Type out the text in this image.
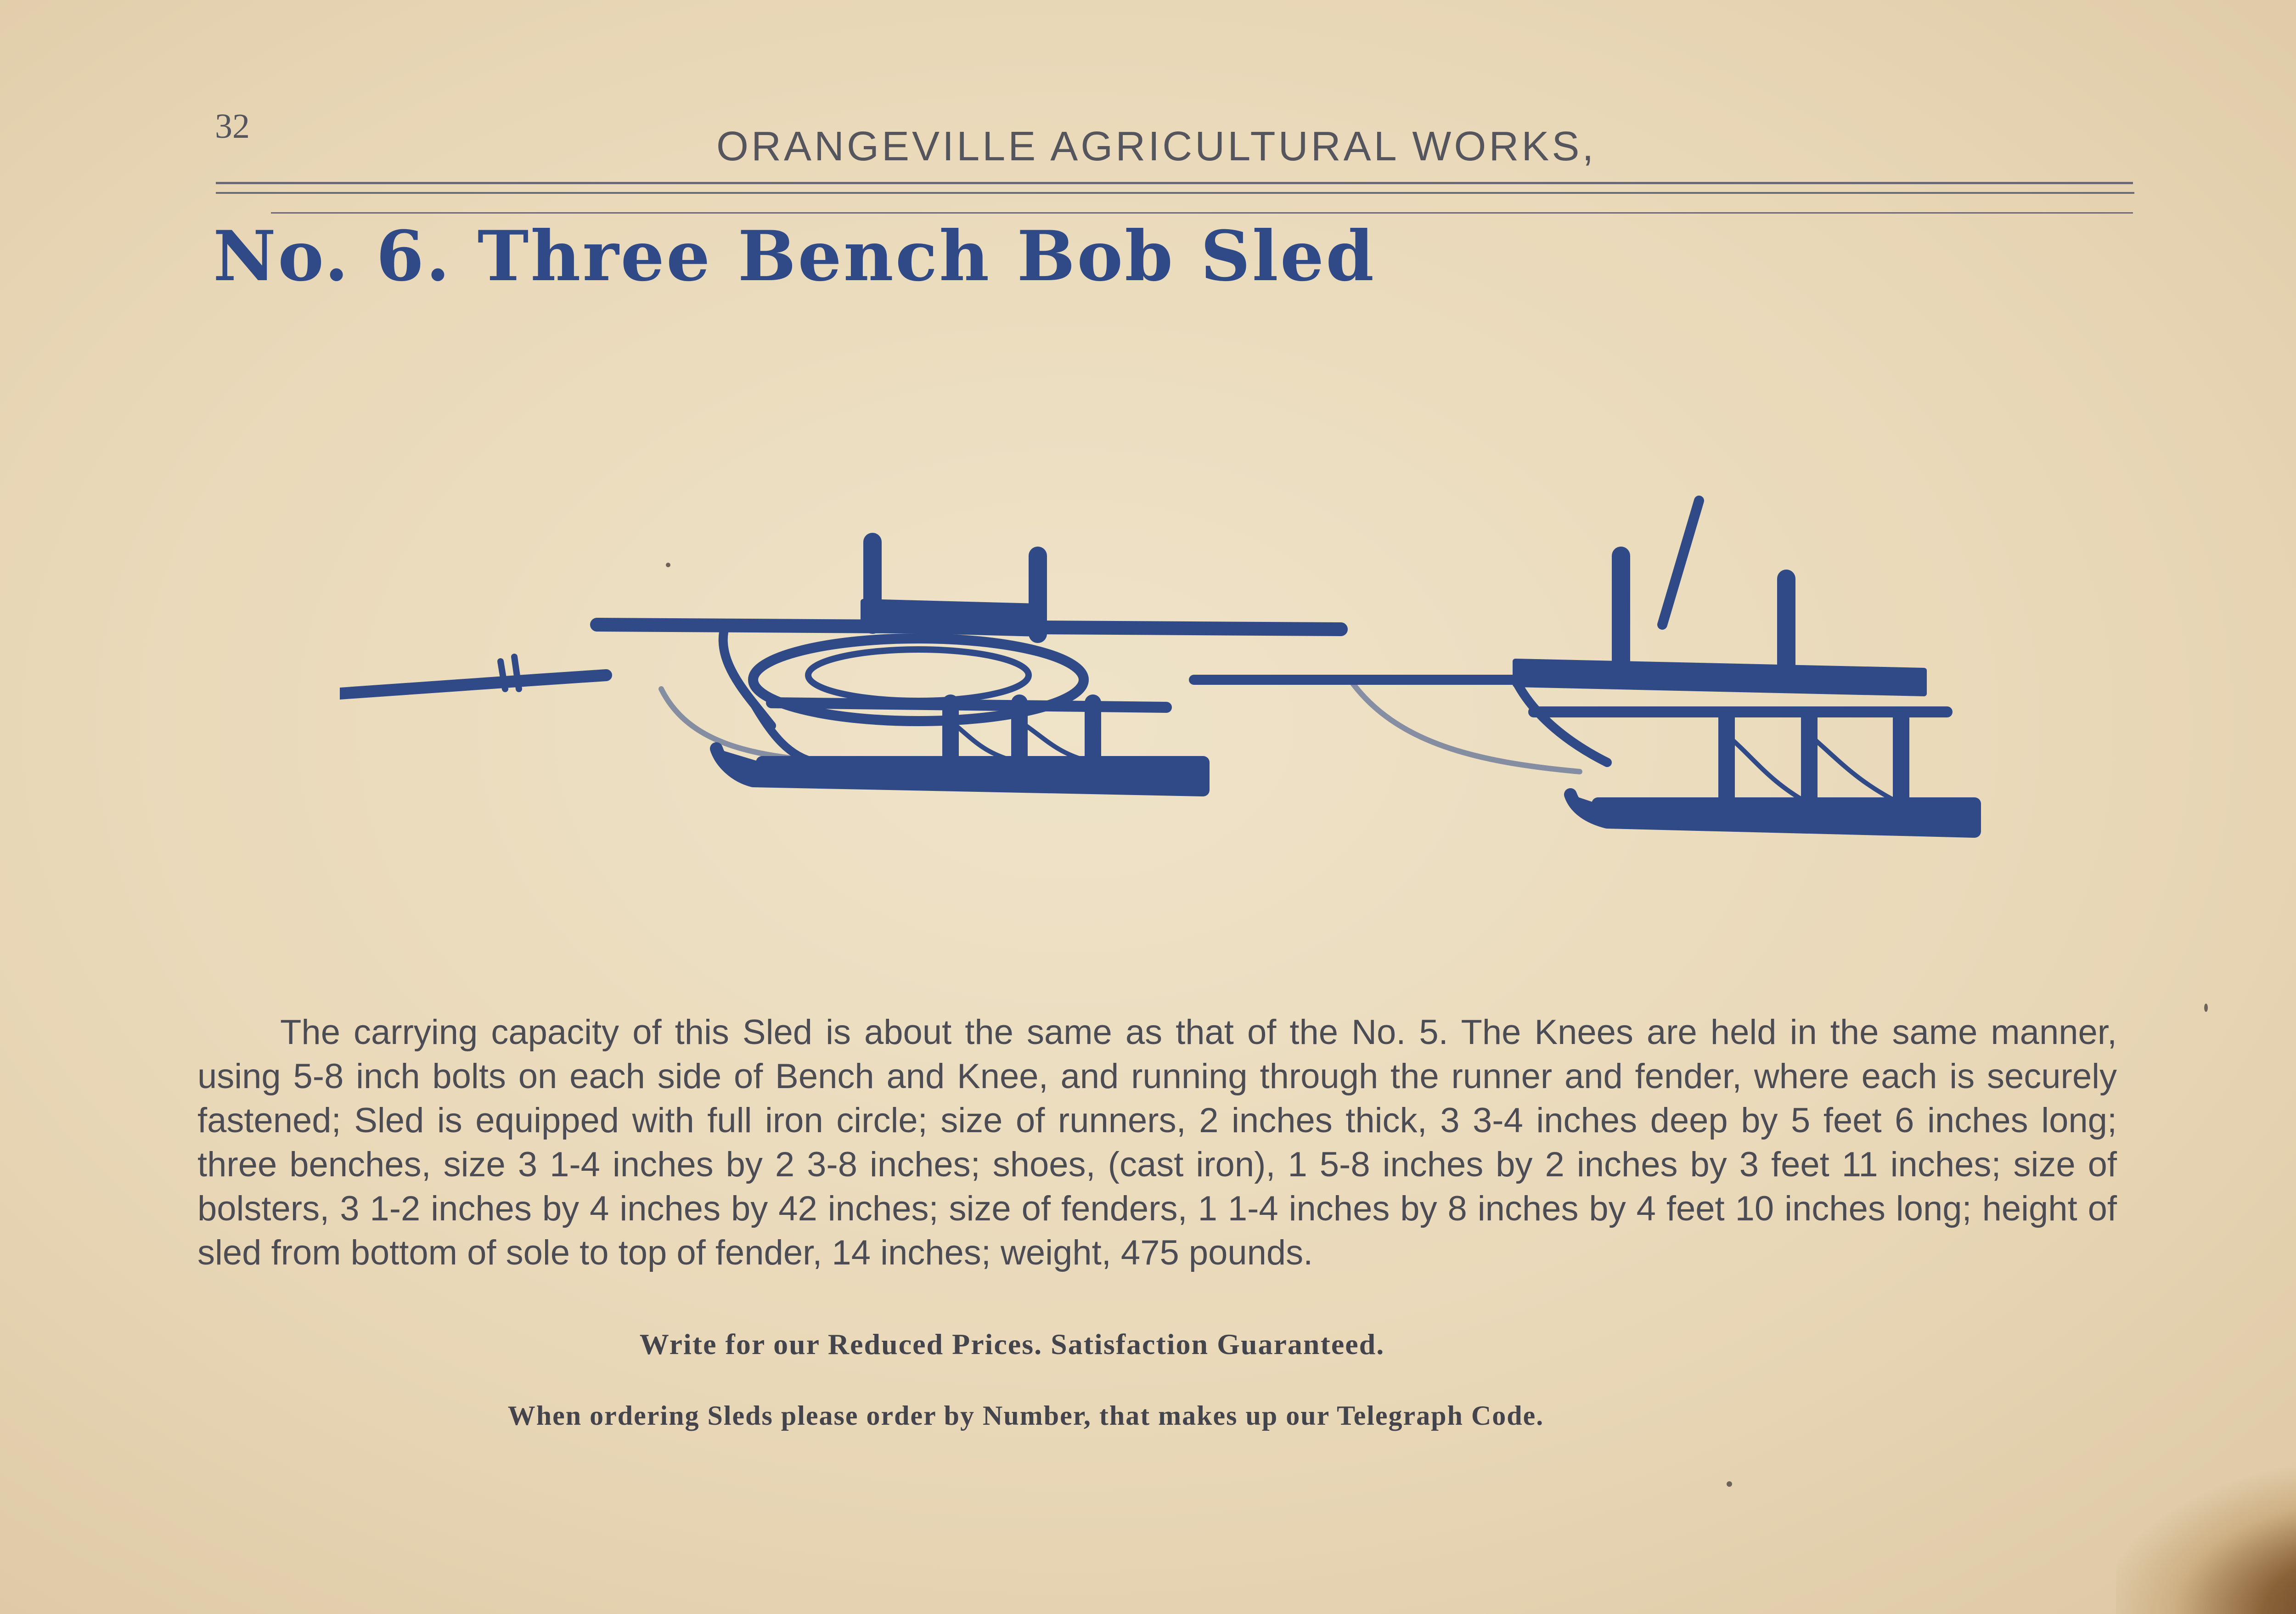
32	ORANGEVILLE AGRICULTURAL WORKS,
No. 6. Three Bench Bob Sled
The carrying capacity of this Sled is about the same as that of the No. 5. The Knees are held in the same manner, using 5-8 inch bolts on each side of Bench and Knee, and running through the runner and fender, where each is securely fastened; Sled is equipped with full iron circle; size of runners, 2 inches thick, 3 3-4 inches deep by 5 feet 6 inches long; three benches, size 3 1-4 inches by 2 3-8 inches; shoes, (cast iron), 1 5-8 inches by 2 inches by 3 feet 11 inches; size of bolsters, 3 1-2 inches by 4 inches by 42 inches; size of fenders, 1 1-4 inches by 8 inches by 4 feet 10 inches long; height of sled from bottom of sole to top of fender, 14 inches; weight, 475 pounds.
Write for our Reduced Prices. Satisfaction Guaranteed.
When ordering Sleds please order by Number, that makes up our Telegraph Code.
